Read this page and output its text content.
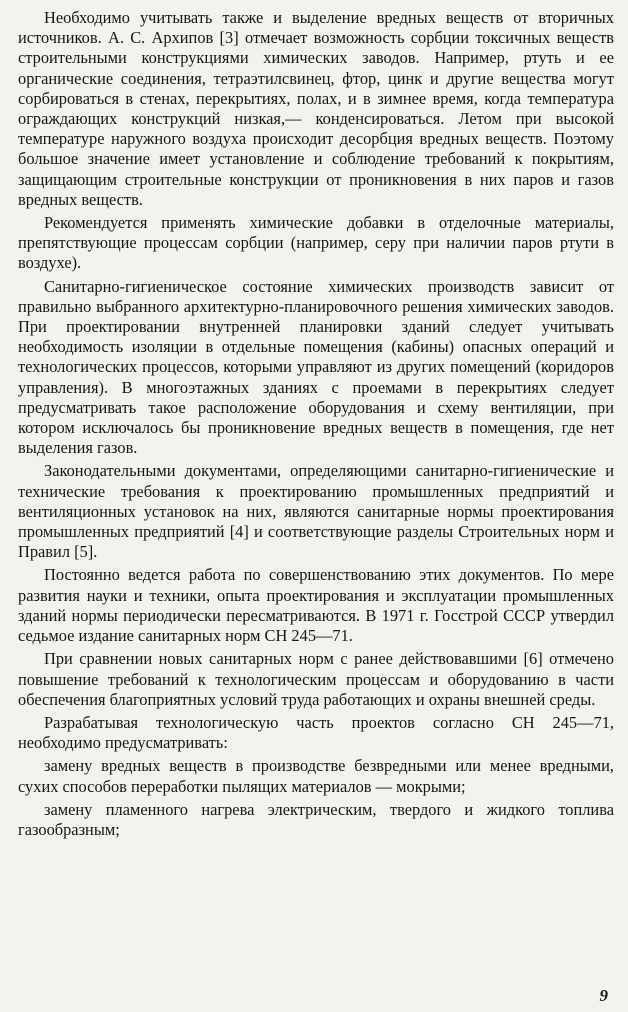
Необходимо учитывать также и выделение вредных веществ от вторичных источников. А. С. Архипов [3] отмечает возможность сорбции токсичных веществ строительными конструкциями химических заводов. Например, ртуть и ее органические соединения, тетраэтилсвинец, фтор, цинк и другие вещества могут сорбироваться в стенах, перекрытиях, полах, и в зимнее время, когда температура ограждающих конструкций низкая,— конденсироваться. Летом при высокой температуре наружного воздуха происходит десорбция вредных веществ. Поэтому большое значение имеет установление и соблюдение требований к покрытиям, защищающим строительные конструкции от проникновения в них паров и газов вредных веществ.

Рекомендуется применять химические добавки в отделочные материалы, препятствующие процессам сорбции (например, серу при наличии паров ртути в воздухе).

Санитарно-гигиеническое состояние химических производств зависит от правильно выбранного архитектурно-планировочного решения химических заводов. При проектировании внутренней планировки зданий следует учитывать необходимость изоляции в отдельные помещения (кабины) опасных операций и технологических процессов, которыми управляют из других помещений (коридоров управления). В многоэтажных зданиях с проемами в перекрытиях следует предусматривать такое расположение оборудования и схему вентиляции, при котором исключалось бы проникновение вредных веществ в помещения, где нет выделения газов.

Законодательными документами, определяющими санитарно-гигиенические и технические требования к проектированию промышленных предприятий и вентиляционных установок на них, являются санитарные нормы проектирования промышленных предприятий [4] и соответствующие разделы Строительных норм и Правил [5].

Постоянно ведется работа по совершенствованию этих документов. По мере развития науки и техники, опыта проектирования и эксплуатации промышленных зданий нормы периодически пересматриваются. В 1971 г. Госстрой СССР утвердил седьмое издание санитарных норм СН 245—71.

При сравнении новых санитарных норм с ранее действовавшими [6] отмечено повышение требований к технологическим процессам и оборудованию в части обеспечения благоприятных условий труда работающих и охраны внешней среды.

Разрабатывая технологическую часть проектов согласно СН 245—71, необходимо предусматривать:

замену вредных веществ в производстве безвредными или менее вредными, сухих способов переработки пылящих материалов — мокрыми;

замену пламенного нагрева электрическим, твердого и жидкого топлива газообразным;

9
